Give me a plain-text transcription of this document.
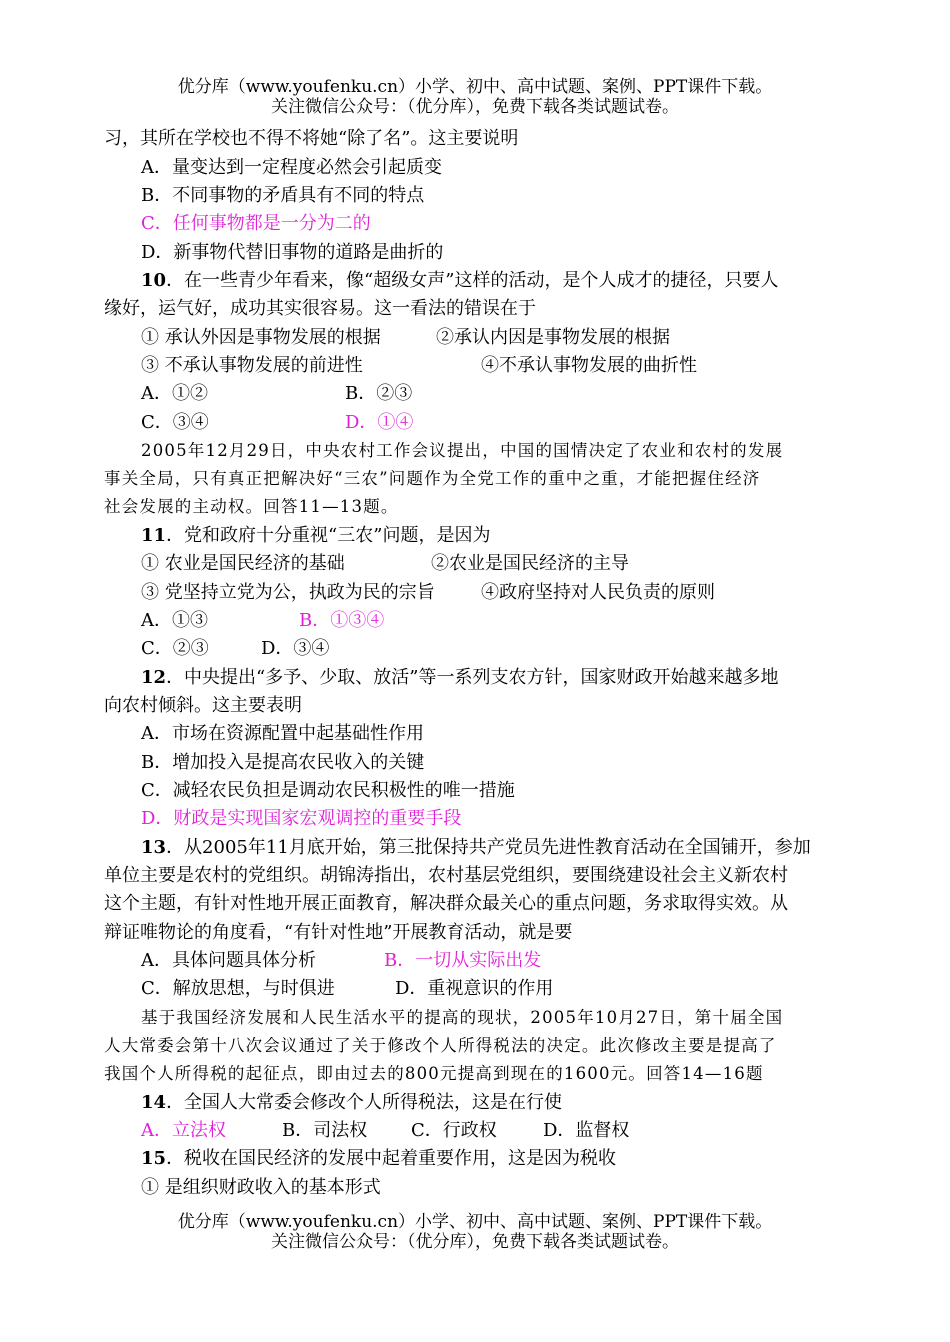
优分库（www.youfenku.cn）小学、初中、高中试题、案例、PPT课件下载。
关注微信公众号：（优分库），免费下载各类试题试卷。
习，其所在学校也不得不将她“除了名”。这主要说明
A．量变达到一定程度必然会引起质变
B．不同事物的矛盾具有不同的特点
C．任何事物都是一分为二的
D．新事物代替旧事物的道路是曲折的
10．在一些青少年看来，像“超级女声”这样的活动，是个人成才的捷径，只要人
缘好，运气好，成功其实很容易。这一看法的错误在于
① 承认外因是事物发展的根据	②承认内因是事物发展的根据
③ 不承认事物发展的前进性	④不承认事物发展的曲折性
A．①②	B．②③
C．③④	D．①④
2005年12月29日，中央农村工作会议提出，中国的国情决定了农业和农村的发展
事关全局，只有真正把解决好“三农”问题作为全党工作的重中之重，才能把握住经济
社会发展的主动权。回答11—13题。
11．党和政府十分重视“三农”问题，是因为
① 农业是国民经济的基础	②农业是国民经济的主导
③ 党坚持立党为公，执政为民的宗旨	④政府坚持对人民负责的原则
A．①③	B．①③④
C．②③	D．③④
12．中央提出“多予、少取、放活”等一系列支农方针，国家财政开始越来越多地
向农村倾斜。这主要表明
A．市场在资源配置中起基础性作用
B．增加投入是提高农民收入的关键
C．减轻农民负担是调动农民积极性的唯一措施
D．财政是实现国家宏观调控的重要手段
13．从2005年11月底开始，第三批保持共产党员先进性教育活动在全国铺开，参加
单位主要是农村的党组织。胡锦涛指出，农村基层党组织，要围绕建设社会主义新农村
这个主题，有针对性地开展正面教育，解决群众最关心的重点问题，务求取得实效。从
辩证唯物论的角度看，“有针对性地”开展教育活动，就是要
A．具体问题具体分析	B．一切从实际出发
C．解放思想，与时俱进	D．重视意识的作用
基于我国经济发展和人民生活水平的提高的现状，2005年10月27日，第十届全国
人大常委会第十八次会议通过了关于修改个人所得税法的决定。此次修改主要是提高了
我国个人所得税的起征点，即由过去的800元提高到现在的1600元。回答14—16题
14．全国人大常委会修改个人所得税法，这是在行使
A．立法权	B．司法权 C．行政权	D．监督权
15．税收在国民经济的发展中起着重要作用，这是因为税收
① 是组织财政收入的基本形式
优分库（www.youfenku.cn）小学、初中、高中试题、案例、PPT课件下载。
关注微信公众号：（优分库），免费下载各类试题试卷。
